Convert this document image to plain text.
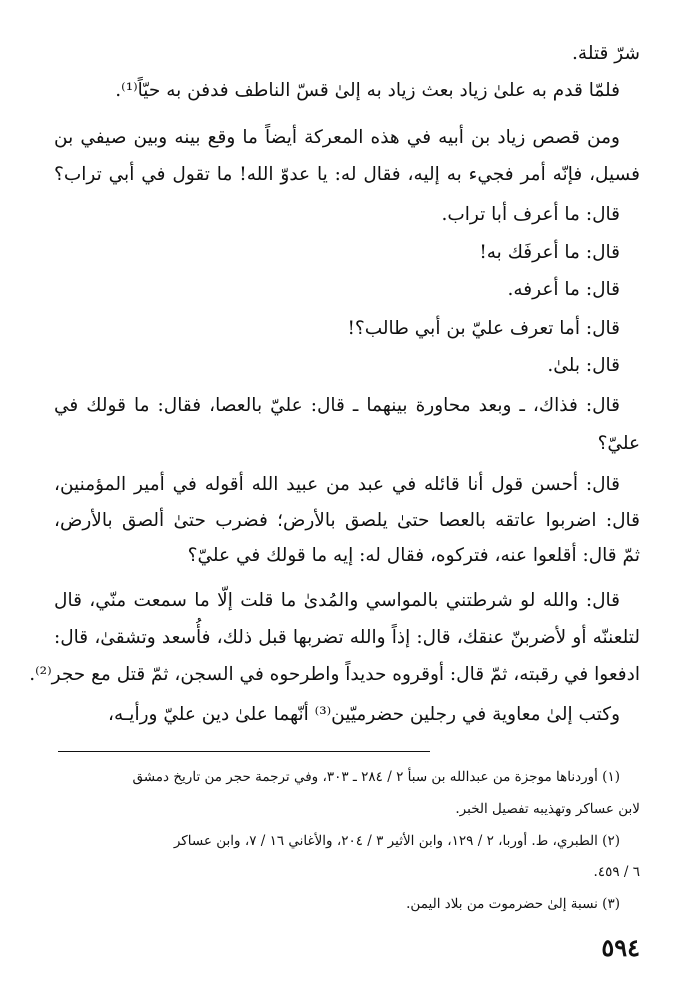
شرّ قتلة.
فلمّا قدم به علىٰ زياد بعث زياد به إلىٰ قسّ الناطف فدفن به حيّاً⁽¹⁾.
ومن قصص زياد بن أبيه في هذه المعركة أيضاً ما وقع بينه وبين صيفي بن
فسيل، فإنّه أمر فجيء به إليه، فقال له: يا عدوّ الله! ما تقول في أبي تراب؟
قال: ما أعرف أبا تراب.
قال: ما أعرفَك به!
قال: ما أعرفه.
قال: أما تعرف عليّ بن أبي طالب؟!
قال: بلىٰ.
قال: فذاك، ـ وبعد محاورة بينهما ـ قال: عليّ بالعصا، فقال: ما قولك في
عليّ؟
قال: أحسن قول أنا قائله في عبد من عبيد الله أقوله في أمير المؤمنين،
قال: اضربوا عاتقه بالعصا حتىٰ يلصق بالأرض؛ فضرب حتىٰ ألصق بالأرض،
ثمّ قال: أقلعوا عنه، فتركوه، فقال له: إيه ما قولك في عليّ؟
قال: والله لو شرطتني بالمواسي والمُدىٰ ما قلت إلّا ما سمعت منّي، قال
لتلعننّه أو لأضربنّ عنقك، قال: إذاً والله تضربها قبل ذلك، فأُسعد وتشقىٰ، قال:
ادفعوا في رقبته، ثمّ قال: أوقروه حديداً واطرحوه في السجن، ثمّ قتل مع حجر⁽²⁾.
وكتب إلىٰ معاوية في رجلين حضرميّين⁽³⁾ أنّهما علىٰ دين عليّ ورأيـه،
(١) أوردناها موجزة من عبدالله بن سبأ ٢ / ٢٨٤ ـ ٣٠٣، وفي ترجمة حجر من تاريخ دمشق
لابن عساكر وتهذيبه تفصيل الخبر.
(٢) الطبري، ط. أوربا، ٢ / ١٢٩، وابن الأثير ٣ / ٢٠٤، والأغاني ١٦ / ٧، وابن عساكر
٦ / ٤٥٩.
(٣) نسبة إلىٰ حضرموت من بلاد اليمن.
٥٩٤
